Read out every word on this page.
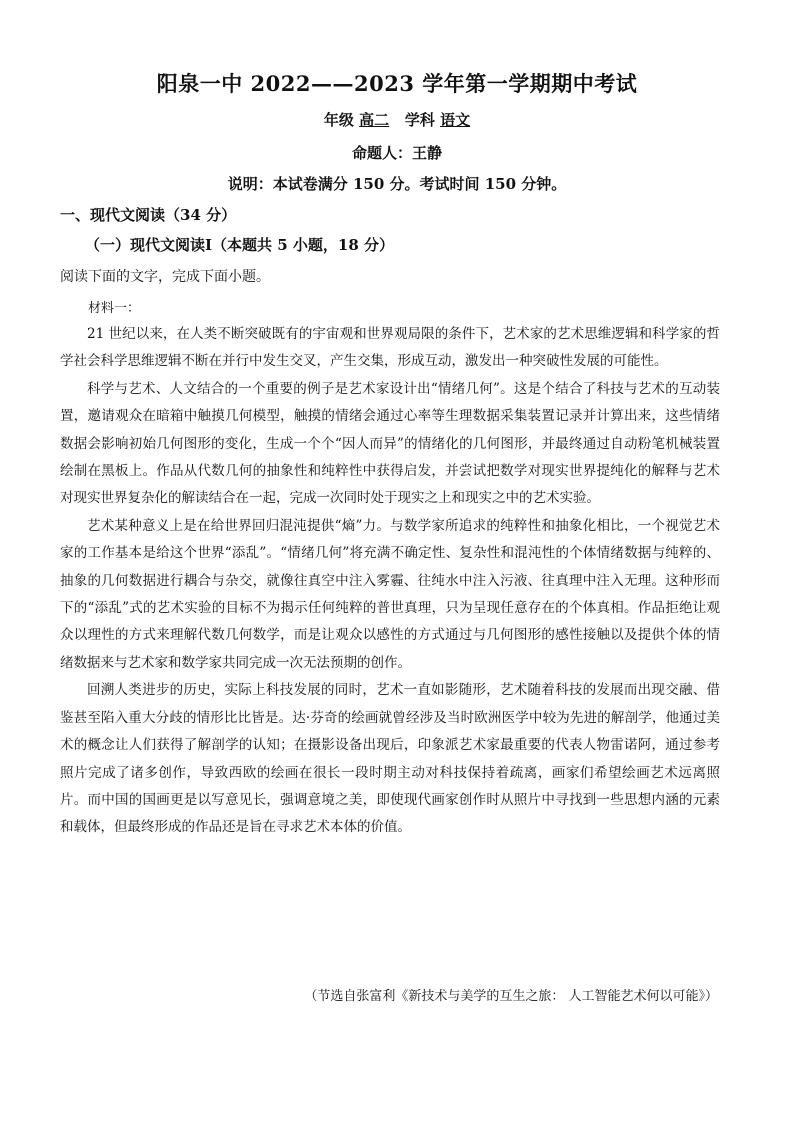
阳泉一中 2022——2023 学年第一学期期中考试
年级 高二 学科 语文
命题人：王静
说明：本试卷满分 150 分。考试时间 150 分钟。
一、现代文阅读（34 分）
（一）现代文阅读Ⅰ（本题共 5 小题，18 分）
阅读下面的文字，完成下面小题。
材料一：

21 世纪以来，在人类不断突破既有的宇宙观和世界观局限的条件下，艺术家的艺术思维逻辑和科学家的哲学社会科学思维逻辑不断在并行中发生交叉，产生交集，形成互动，激发出一种突破性发展的可能性。

科学与艺术、人文结合的一个重要的例子是艺术家设计出“情绪几何”。这是个结合了科技与艺术的互动装置，邀请观众在暗箱中触摸几何模型，触摸的情绪会通过心率等生理数据采集装置记录并计算出来，这些情绪数据会影响初始几何图形的变化，生成一个个“因人而异”的情绪化的几何图形，并最终通过自动粉笔机械装置绘制在黑板上。作品从代数几何的抽象性和纯粹性中获得启发，并尝试把数学对现实世界提纯化的解释与艺术对现实世界复杂化的解读结合在一起，完成一次同时处于现实之上和现实之中的艺术实验。

艺术某种意义上是在给世界回归混沌提供“熵”力。与数学家所追求的纯粹性和抽象化相比，一个视觉艺术家的工作基本是给这个世界“添乱”。“情绪几何”将充满不确定性、复杂性和混沌性的个体情绪数据与纯粹的、抽象的几何数据进行耦合与杂交，就像往真空中注入雾霾、往纯水中注入污液、往真理中注入无理。这种形而下的“添乱”式的艺术实验的目标不为揭示任何纯粹的普世真理，只为呈现任意存在的个体真相。作品拒绝让观众以理性的方式来理解代数几何数学，而是让观众以感性的方式通过与几何图形的感性接触以及提供个体的情绪数据来与艺术家和数学家共同完成一次无法预期的创作。

回溯人类进步的历史，实际上科技发展的同时，艺术一直如影随形，艺术随着科技的发展而出现交融、借鉴甚至陷入重大分歧的情形比比皆是。达·芬奇的绘画就曾经涉及当时欧洲医学中较为先进的解剖学，他通过美术的概念让人们获得了解剖学的认知；在摄影设备出现后，印象派艺术家最重要的代表人物雷诺阿，通过参考照片完成了诸多创作，导致西欧的绘画在很长一段时期主动对科技保持着疏离，画家们希望绘画艺术远离照片。而中国的国画更是以写意见长，强调意境之美，即使现代画家创作时从照片中寻找到一些思想内涵的元素和载体，但最终形成的作品还是旨在寻求艺术本体的价值。

（节选自张富利《新技术与美学的互生之旅： 人工智能艺术何以可能》）
